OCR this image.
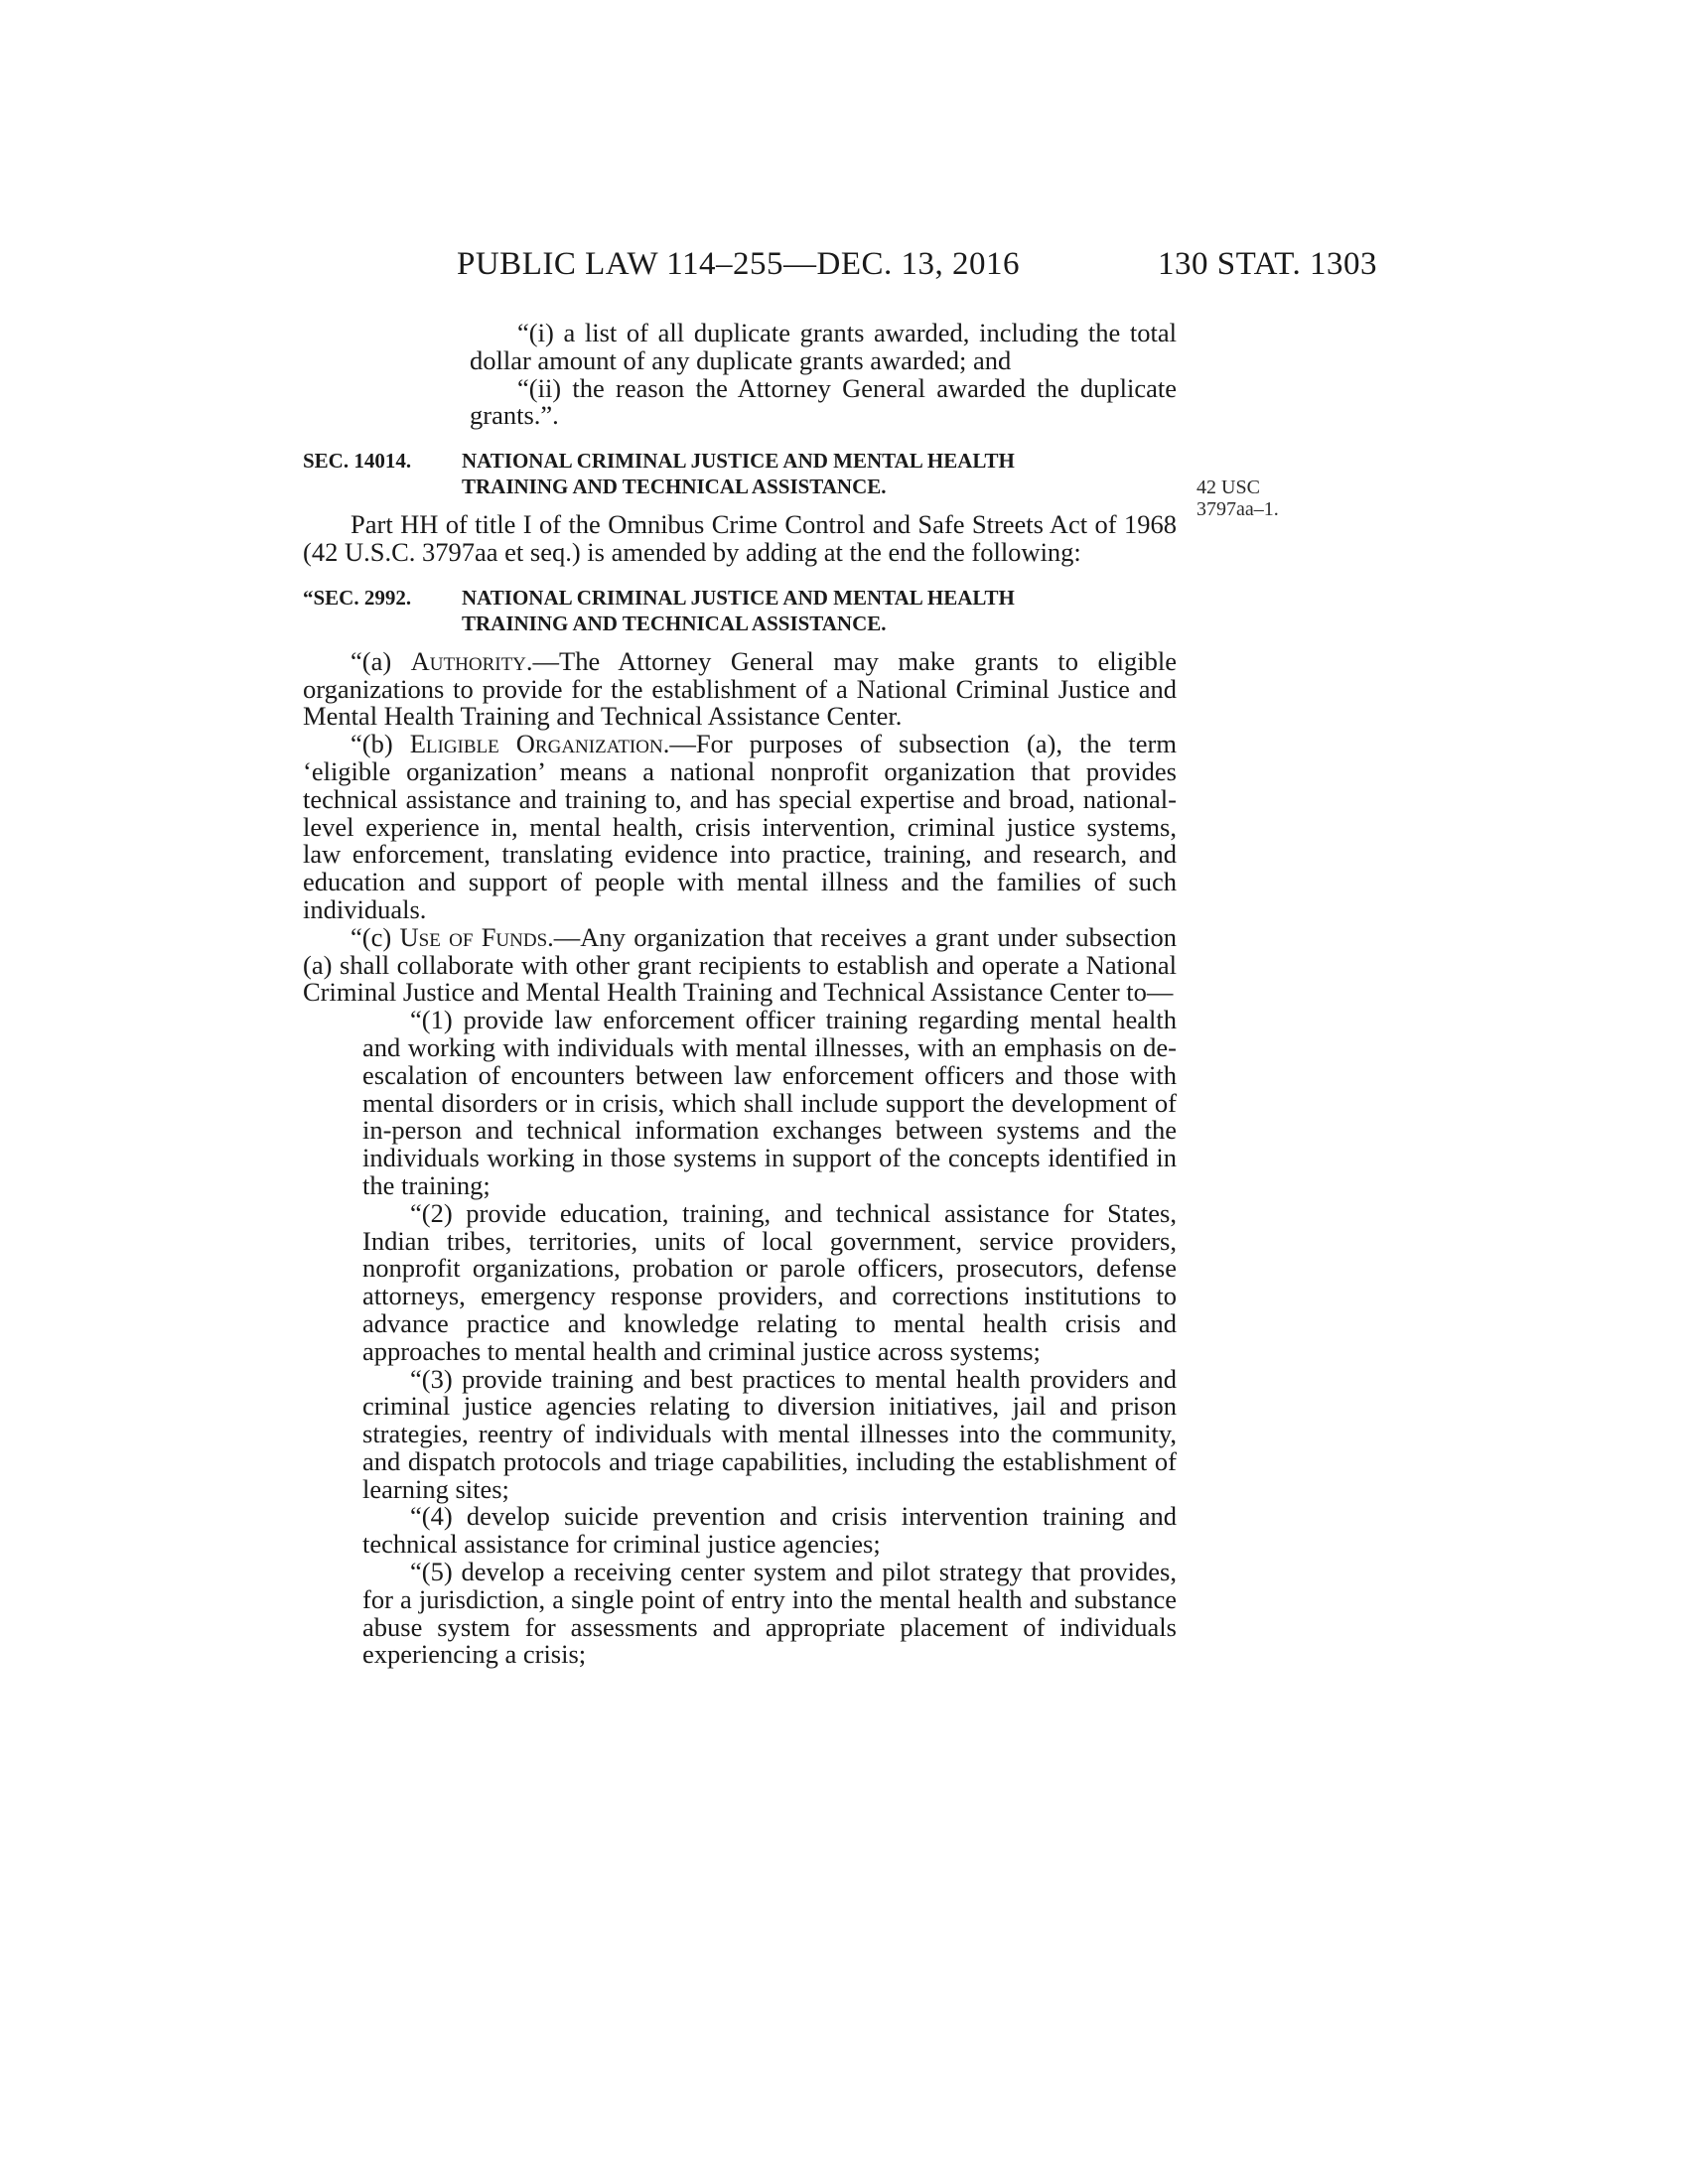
PUBLIC LAW 114–255—DEC. 13, 2016	130 STAT. 1303
42 USC
3797aa–1.

“(i) a list of all duplicate grants awarded, including the total dollar amount of any duplicate grants awarded; and

“(ii) the reason the Attorney General awarded the duplicate grants.”.

SEC. 14014.	NATIONAL CRIMINAL JUSTICE AND MENTAL HEALTH
TRAINING AND TECHNICAL ASSISTANCE.

Part HH of title I of the Omnibus Crime Control and Safe Streets Act of 1968 (42 U.S.C. 3797aa et seq.) is amended by adding at the end the following:

“SEC. 2992.	NATIONAL CRIMINAL JUSTICE AND MENTAL HEALTH
TRAINING AND TECHNICAL ASSISTANCE.

“(a) Authority.—The Attorney General may make grants to eligible organizations to provide for the establishment of a National Criminal Justice and Mental Health Training and Technical Assistance Center.

“(b) Eligible Organization.—For purposes of subsection (a), the term ‘eligible organization’ means a national nonprofit organization that provides technical assistance and training to, and has special expertise and broad, national-level experience in, mental health, crisis intervention, criminal justice systems, law enforcement, translating evidence into practice, training, and research, and education and support of people with mental illness and the families of such individuals.

“(c) Use of Funds.—Any organization that receives a grant under subsection (a) shall collaborate with other grant recipients to establish and operate a National Criminal Justice and Mental Health Training and Technical Assistance Center to—

“(1) provide law enforcement officer training regarding mental health and working with individuals with mental illnesses, with an emphasis on de-escalation of encounters between law enforcement officers and those with mental disorders or in crisis, which shall include support the development of in-person and technical information exchanges between systems and the individuals working in those systems in support of the concepts identified in the training;

“(2) provide education, training, and technical assistance for States, Indian tribes, territories, units of local government, service providers, nonprofit organizations, probation or parole officers, prosecutors, defense attorneys, emergency response providers, and corrections institutions to advance practice and knowledge relating to mental health crisis and approaches to mental health and criminal justice across systems;

“(3) provide training and best practices to mental health providers and criminal justice agencies relating to diversion initiatives, jail and prison strategies, reentry of individuals with mental illnesses into the community, and dispatch protocols and triage capabilities, including the establishment of learning sites;

“(4) develop suicide prevention and crisis intervention training and technical assistance for criminal justice agencies;

“(5) develop a receiving center system and pilot strategy that provides, for a jurisdiction, a single point of entry into the mental health and substance abuse system for assessments and appropriate placement of individuals experiencing a crisis;
